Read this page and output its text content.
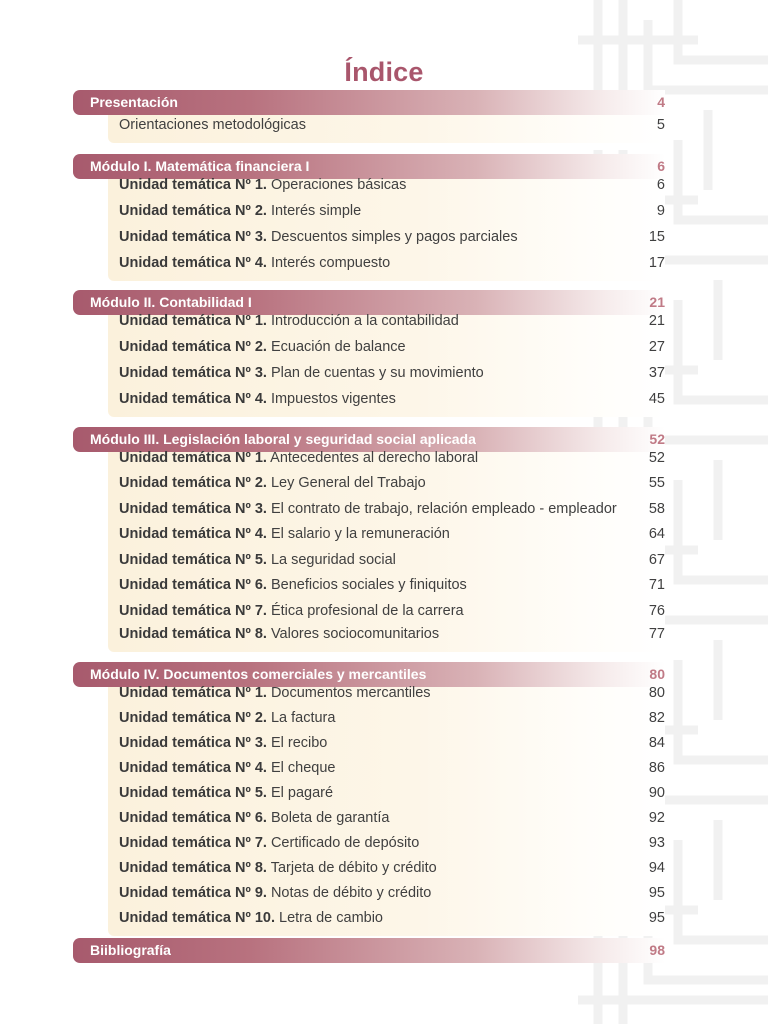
Índice
Presentación	4
Orientaciones metodológicas	5
Módulo I. Matemática financiera I	6
Unidad temática Nº 1. Operaciones básicas	6
Unidad temática Nº 2. Interés simple	9
Unidad temática Nº 3. Descuentos simples y pagos parciales	15
Unidad temática Nº 4. Interés compuesto	17
Módulo II. Contabilidad I	21
Unidad temática Nº 1. Introducción a la contabilidad	21
Unidad temática Nº 2. Ecuación de balance	27
Unidad temática Nº 3. Plan de cuentas y su movimiento	37
Unidad temática Nº 4. Impuestos vigentes	45
Módulo III. Legislación laboral y seguridad social aplicada	52
Unidad temática Nº 1. Antecedentes al derecho laboral	52
Unidad temática Nº 2. Ley General del Trabajo	55
Unidad temática Nº 3. El contrato de trabajo, relación empleado - empleador 58
Unidad temática Nº 4. El salario y la remuneración	64
Unidad temática Nº 5. La seguridad social	67
Unidad temática Nº 6. Beneficios sociales y finiquitos	71
Unidad temática Nº 7. Ética profesional de la carrera	76
Unidad temática Nº 8. Valores sociocomunitarios	77
Módulo IV. Documentos comerciales y mercantiles	80
Unidad temática Nº 1. Documentos mercantiles	80
Unidad temática Nº 2. La factura	82
Unidad temática Nº 3. El recibo	84
Unidad temática Nº 4. El cheque	86
Unidad temática Nº 5. El pagaré	90
Unidad temática Nº 6. Boleta de garantía	92
Unidad temática Nº 7. Certificado de depósito	93
Unidad temática Nº 8. Tarjeta de débito y crédito	94
Unidad temática Nº 9. Notas de débito y crédito	95
Unidad temática Nº 10. Letra de cambio	95
Biibliografía	98
